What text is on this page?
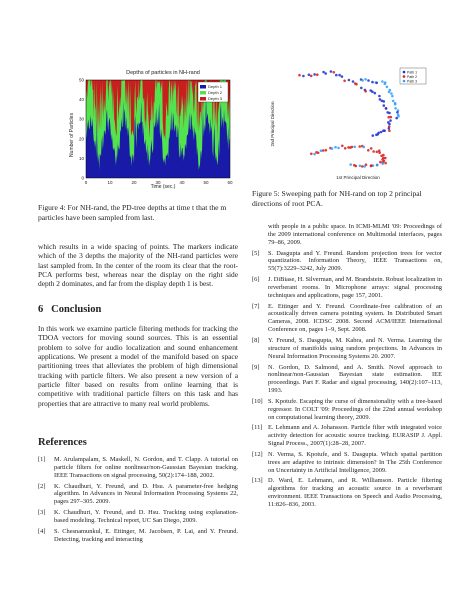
Depths of particles in NH-rand
0
10
20
30
40
50
0	10	20	30	40	50	60
Number of Particles
Time (sec.)
Depth 1
Depth 2
Depth 3
Figure 4: For NH-rand, the PD-tree depths at time t that the m particles have been sampled from last.
2nd Principal Direction
1st Principal Direction
Path 1
Path 2
Path 3
Figure 5: Sweeping path for NH-rand on top 2 principal directions of root PCA.
which results in a wide spacing of points. The markers indicate which of the 3 depths the majority of the NH-rand particles were last sampled from. In the center of the room its clear that the root-PCA performs best, whereas near the display on the right side depth 2 dominates, and far from the display depth 1 is best.
6 Conclusion
In this work we examine particle filtering methods for tracking the TDOA vectors for moving sound sources. This is an essential problem to solve for audio localization and sound enhancement applications. We present a model of the manifold based on space partitioning trees that alleviates the problem of high dimensional tracking with particle filters. We also present a new version of a particle filter based on results from online learning that is competitive with traditional particle filters on this task and has properties that are attractive to many real world problems.
References
[1]	M. Arulampalam, S. Maskell, N. Gordon, and T. Clapp. A tutorial on particle filters for online nonlinear/non-Gaussian Bayesian tracking. IEEE Transactions on signal processing, 50(2):174–188, 2002.
[2]	K. Chaudhuri, Y. Freund, and D. Hsu. A parameter-free hedging algorithm. In Advances in Neural Information Processing Systems 22, pages 297–305. 2009.
[3]	K. Chaudhuri, Y. Freund, and D. Hsu. Tracking using explanation-based modeling. Technical report, UC San Diego, 2009.
[4]	S. Chesnamunkul, E. Ettinger, M. Jacobsen, P. Lai, and Y. Freund. Detecting, tracking and interacting
with people in a public space. In ICMI-MLMI '09: Proceedings of the 2009 international conference on Multimodal interfaces, pages 79–86, 2009.
[5]	S. Dasgupta and Y. Freund. Random projection trees for vector quantization. Information Theory, IEEE Transactions on, 55(7):3229–3242, July 2009.
[6]	J. DiBiase, H. Silverman, and M. Brandstein. Robust localization in reverberant rooms. In Microphone arrays: signal processing techniques and applications, page 157, 2001.
[7]	E. Ettinger and Y. Freund. Coordinate-free calibration of an acoustically driven camera pointing system. In Distributed Smart Cameras, 2008. ICDSC 2008. Second ACM/IEEE International Conference on, pages 1–9, Sept. 2008.
[8]	Y. Freund, S. Dasgupta, M. Kabra, and N. Verma. Learning the structure of manifolds using random projections. In Advances in Neural Information Processing Systems 20. 2007.
[9]	N. Gordon, D. Salmond, and A. Smith. Novel approach to nonlinear/non-Gaussian Bayesian state estimation. IEE proceedings. Part F. Radar and signal processing, 140(2):107–113, 1993.
[10] S. Kpotufe. Escaping the curse of dimensionality with a tree-based regressor. In COLT '09: Proceedings of the 22nd annual workshop on computational learning theory, 2009.
[11] E. Lehmann and A. Johansson. Particle filter with integrated voice activity detection for acoustic source tracking. EURASIP J. Appl. Signal Process., 2007(1):28–28, 2007.
[12] N. Verma, S. Kpotufe, and S. Dasgupta. Which spatial partition trees are adaptive to intrinsic dimension? In The 25th Conference on Uncertainty in Artificial Intelligence, 2009.
[13] D. Ward, E. Lehmann, and R. Williamson. Particle filtering algorithms for tracking an acoustic source in a reverberant environment. IEEE Transactions on Speech and Audio Processing, 11:826–836, 2003.
